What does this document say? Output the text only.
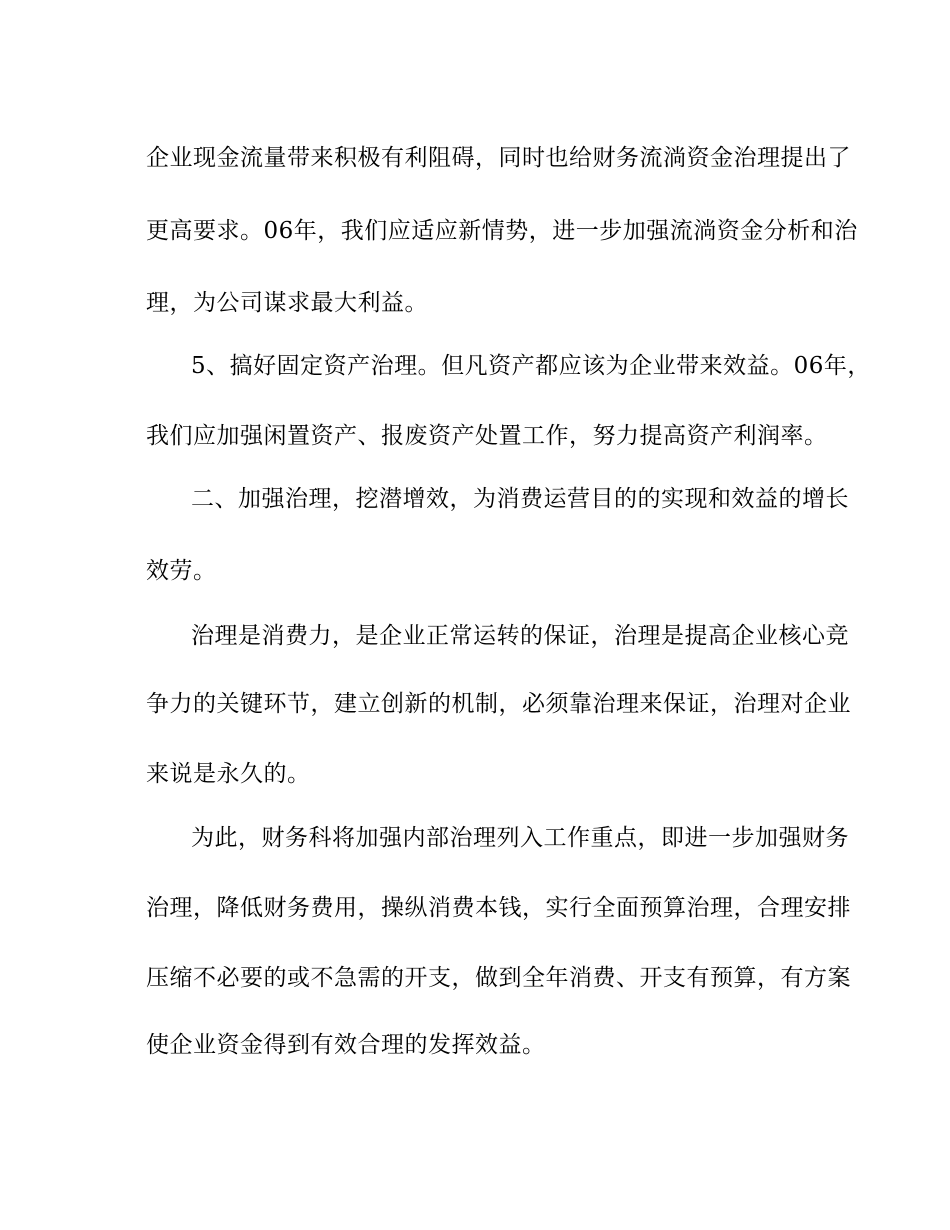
企业现金流量带来积极有利阻碍，同时也给财务流淌资金治理提出了
更高要求。06年，我们应适应新情势，进一步加强流淌资金分析和治
理，为公司谋求最大利益。
5、搞好固定资产治理。但凡资产都应该为企业带来效益。06年，
我们应加强闲置资产、报废资产处置工作，努力提高资产利润率。
二、加强治理，挖潜增效，为消费运营目的的实现和效益的增长
效劳。
治理是消费力，是企业正常运转的保证，治理是提高企业核心竞
争力的关键环节，建立创新的机制，必须靠治理来保证，治理对企业
来说是永久的。
为此，财务科将加强内部治理列入工作重点，即进一步加强财务
治理，降低财务费用，操纵消费本钱，实行全面预算治理，合理安排
压缩不必要的或不急需的开支，做到全年消费、开支有预算，有方案
使企业资金得到有效合理的发挥效益。
